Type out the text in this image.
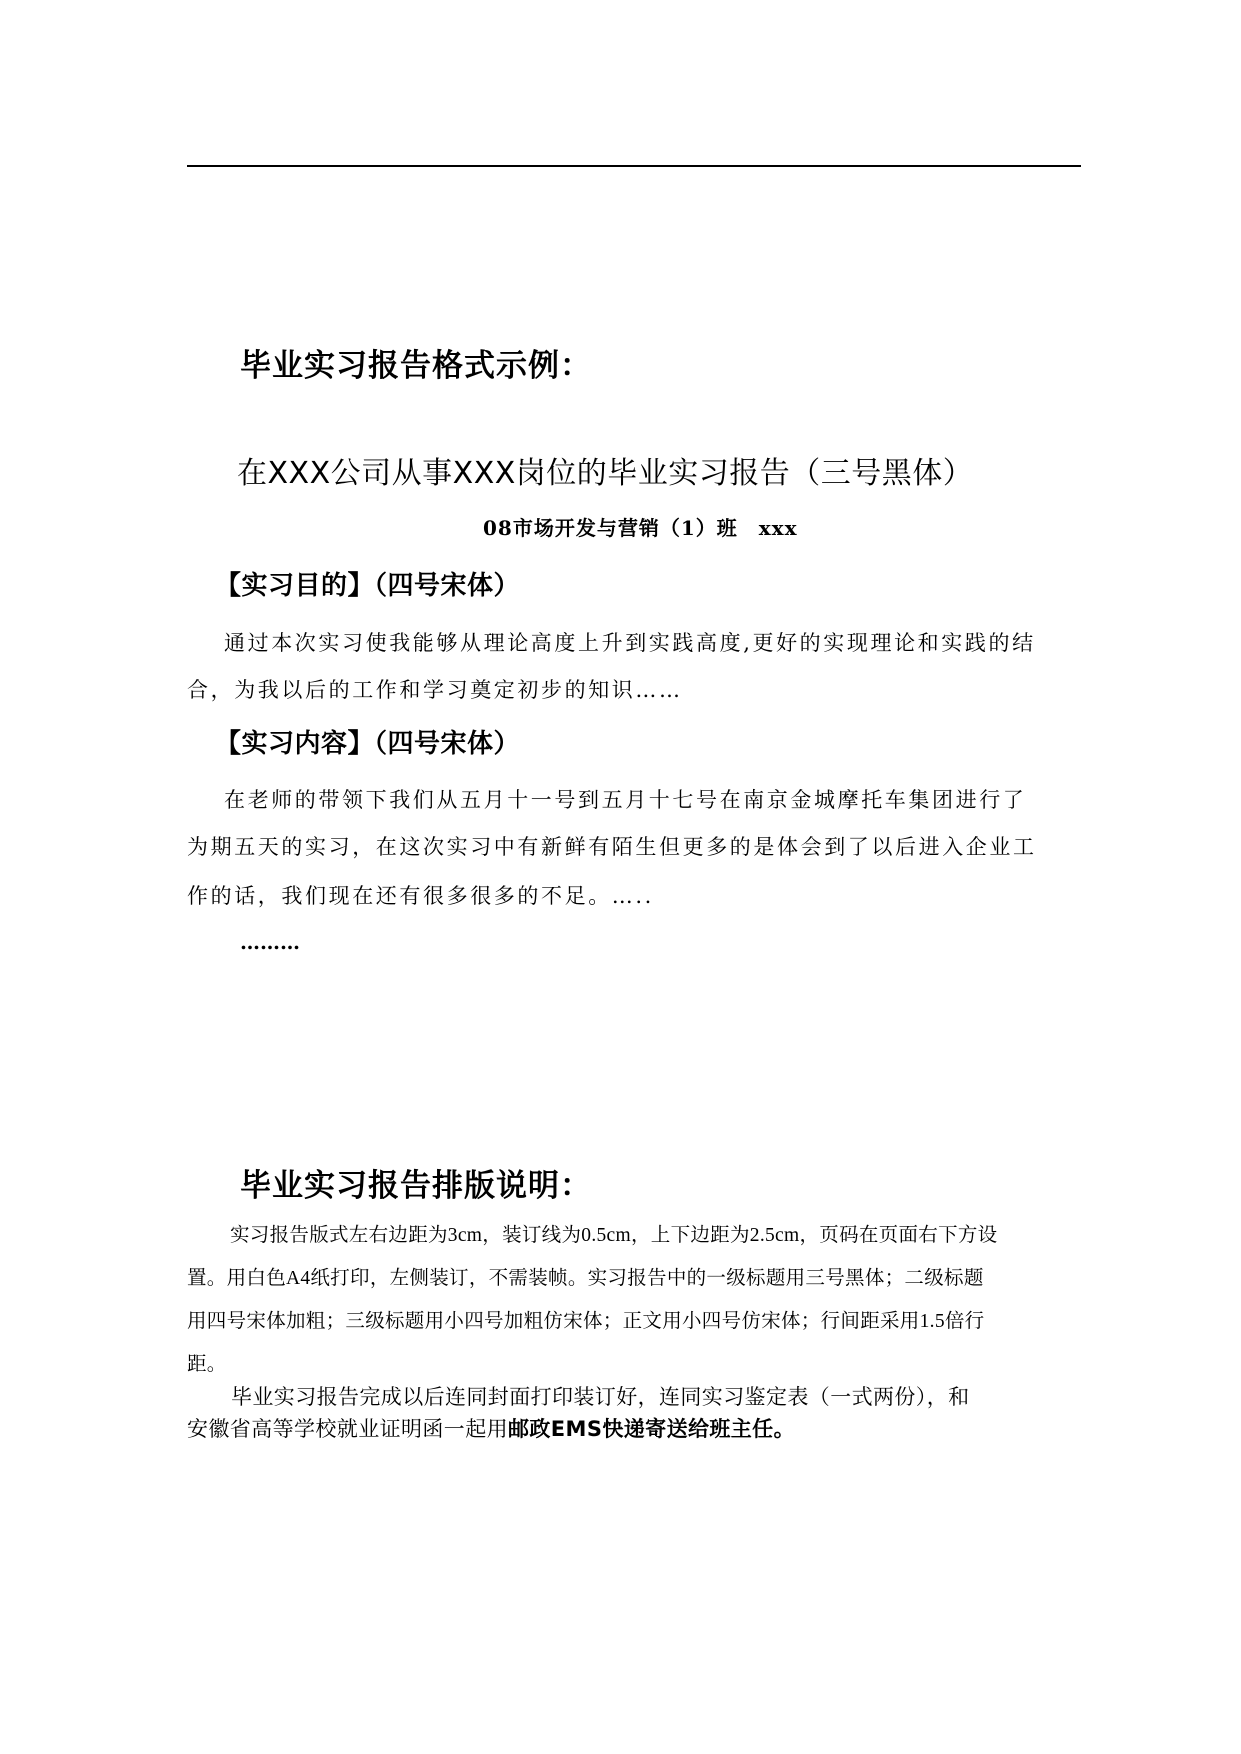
毕业实习报告格式示例：
在XXX公司从事XXX岗位的毕业实习报告（三号黑体）
08市场开发与营销（1）班　xxx
【实习目的】（四号宋体）
通过本次实习使我能够从理论高度上升到实践高度,更好的实现理论和实践的结
合，为我以后的工作和学习奠定初步的知识……
【实习内容】（四号宋体）
在老师的带领下我们从五月十一号到五月十七号在南京金城摩托车集团进行了
为期五天的实习，在这次实习中有新鲜有陌生但更多的是体会到了以后进入企业工
作的话，我们现在还有很多很多的不足。…..
………
毕业实习报告排版说明：
实习报告版式左右边距为3cm，装订线为0.5cm，上下边距为2.5cm，页码在页面右下方设
置。用白色A4纸打印，左侧装订，不需装帧。实习报告中的一级标题用三号黑体；二级标题
用四号宋体加粗；三级标题用小四号加粗仿宋体；正文用小四号仿宋体；行间距采用1.5倍行
距。
毕业实习报告完成以后连同封面打印装订好，连同实习鉴定表（一式两份），和
安徽省高等学校就业证明函一起用邮政EMS快递寄送给班主任。
